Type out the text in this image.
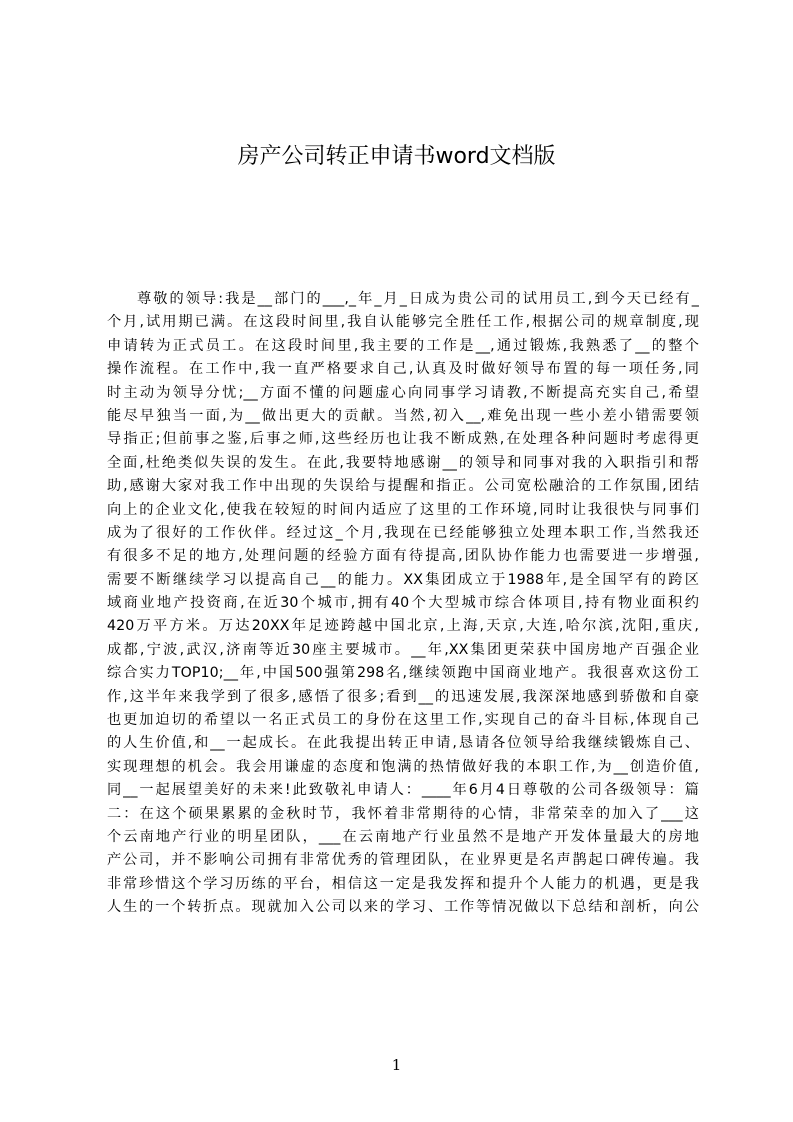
房产公司转正申请书word文档版
尊敬的领导:我是__部门的___,_年_月_日成为贵公司的试用员工,到今天已经有_
个月,试用期已满。在这段时间里,我自认能够完全胜任工作,根据公司的规章制度,现
申请转为正式员工。在这段时间里,我主要的工作是__,通过锻炼,我熟悉了__的整个
操作流程。在工作中,我一直严格要求自己,认真及时做好领导布置的每一项任务,同
时主动为领导分忧;__方面不懂的问题虚心向同事学习请教,不断提高充实自己,希望
能尽早独当一面,为__做出更大的贡献。当然,初入__,难免出现一些小差小错需要领
导指正;但前事之鉴,后事之师,这些经历也让我不断成熟,在处理各种问题时考虑得更
全面,杜绝类似失误的发生。在此,我要特地感谢__的领导和同事对我的入职指引和帮
助,感谢大家对我工作中出现的失误给与提醒和指正。公司宽松融洽的工作氛围,团结
向上的企业文化,使我在较短的时间内适应了这里的工作环境,同时让我很快与同事们
成为了很好的工作伙伴。经过这_个月,我现在已经能够独立处理本职工作,当然我还
有很多不足的地方,处理问题的经验方面有待提高,团队协作能力也需要进一步增强,
需要不断继续学习以提高自己__的能力。XX集团成立于1988年,是全国罕有的跨区
域商业地产投资商,在近30个城市,拥有40个大型城市综合体项目,持有物业面积约
420万平方米。万达20XX年足迹跨越中国北京,上海,天京,大连,哈尔滨,沈阳,重庆,
成都,宁波,武汉,济南等近30座主要城市。__年,XX集团更荣获中国房地产百强企业
综合实力TOP10;__年,中国500强第298名,继续领跑中国商业地产。我很喜欢这份工
作,这半年来我学到了很多,感悟了很多;看到__的迅速发展,我深深地感到骄傲和自豪
也更加迫切的希望以一名正式员工的身份在这里工作,实现自己的奋斗目标,体现自己
的人生价值,和__一起成长。在此我提出转正申请,恳请各位领导给我继续锻炼自己、
实现理想的机会。我会用谦虚的态度和饱满的热情做好我的本职工作,为__创造价值,
同__一起展望美好的未来!此致敬礼申请人：____年6月4日尊敬的公司各级领导：篇
二：在这个硕果累累的金秋时节，我怀着非常期待的心情，非常荣幸的加入了___这
个云南地产行业的明星团队，___在云南地产行业虽然不是地产开发体量最大的房地
产公司，并不影响公司拥有非常优秀的管理团队，在业界更是名声鹊起口碑传遍。我
非常珍惜这个学习历练的平台，相信这一定是我发挥和提升个人能力的机遇，更是我
人生的一个转折点。现就加入公司以来的学习、工作等情况做以下总结和剖析，向公
1
